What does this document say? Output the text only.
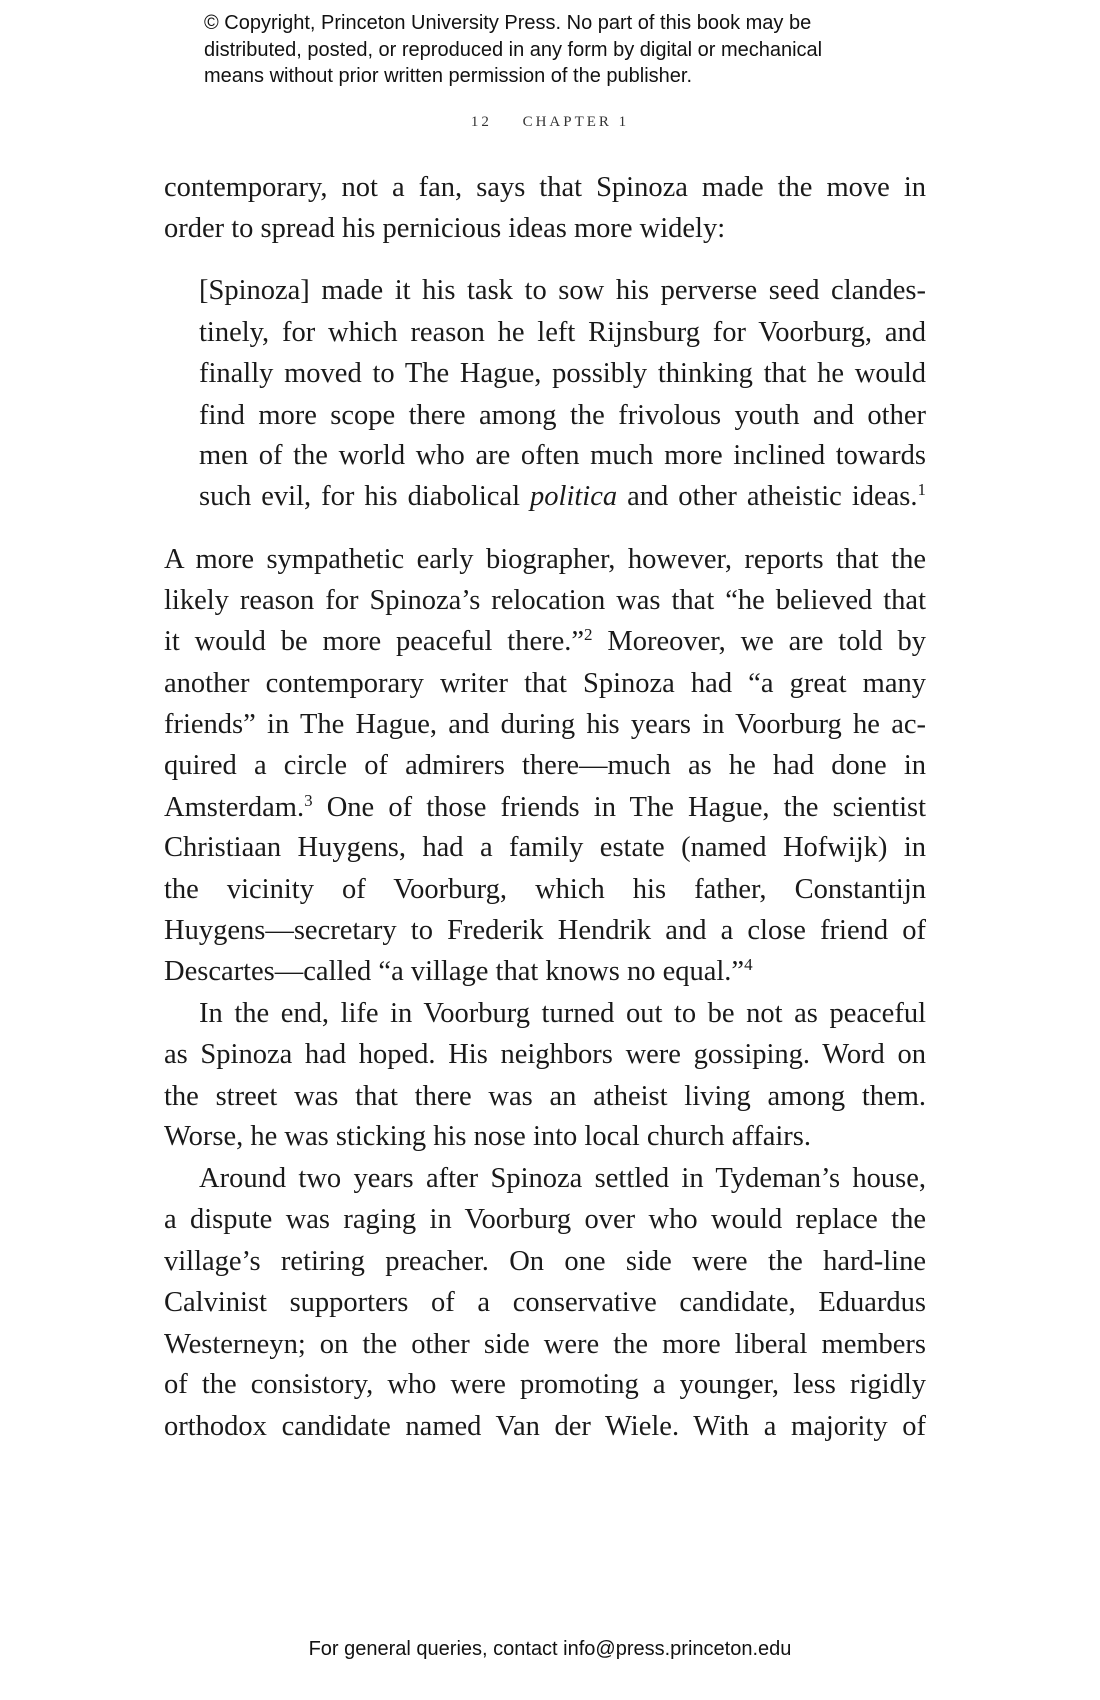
© Copyright, Princeton University Press. No part of this book may be
distributed, posted, or reproduced in any form by digital or mechanical
means without prior written permission of the publisher.
12 CHAPTER 1
contemporary, not a fan, says that Spinoza made the move in
order to spread his pernicious ideas more widely:
[Spinoza] made it his task to sow his perverse seed clandes-
tinely, for which reason he left Rijnsburg for Voorburg, and
finally moved to The Hague, possibly thinking that he would
find more scope there among the frivolous youth and other
men of the world who are often much more inclined towards
such evil, for his diabolical politica and other atheistic ideas.$^1$
A more sympathetic early biographer, however, reports that the
likely reason for Spinoza’s relocation was that “he believed that
it would be more peaceful there.”$^2$ Moreover, we are told by
another contemporary writer that Spinoza had “a great many
friends” in The Hague, and during his years in Voorburg he ac-
quired a circle of admirers there—much as he had done in
Amsterdam.$^3$ One of those friends in The Hague, the scientist
Christiaan Huygens, had a family estate (named Hofwijk) in
the vicinity of Voorburg, which his father, Constantijn
Huygens—secretary to Frederik Hendrik and a close friend of
Descartes—called “a village that knows no equal.”$^4$
In the end, life in Voorburg turned out to be not as peaceful
as Spinoza had hoped. His neighbors were gossiping. Word on
the street was that there was an atheist living among them.
Worse, he was sticking his nose into local church affairs.
Around two years after Spinoza settled in Tydeman’s house,
a dispute was raging in Voorburg over who would replace the
village’s retiring preacher. On one side were the hard-line
Calvinist supporters of a conservative candidate, Eduardus
Westerneyn; on the other side were the more liberal members
of the consistory, who were promoting a younger, less rigidly
orthodox candidate named Van der Wiele. With a majority of
For general queries, contact info@press.princeton.edu
